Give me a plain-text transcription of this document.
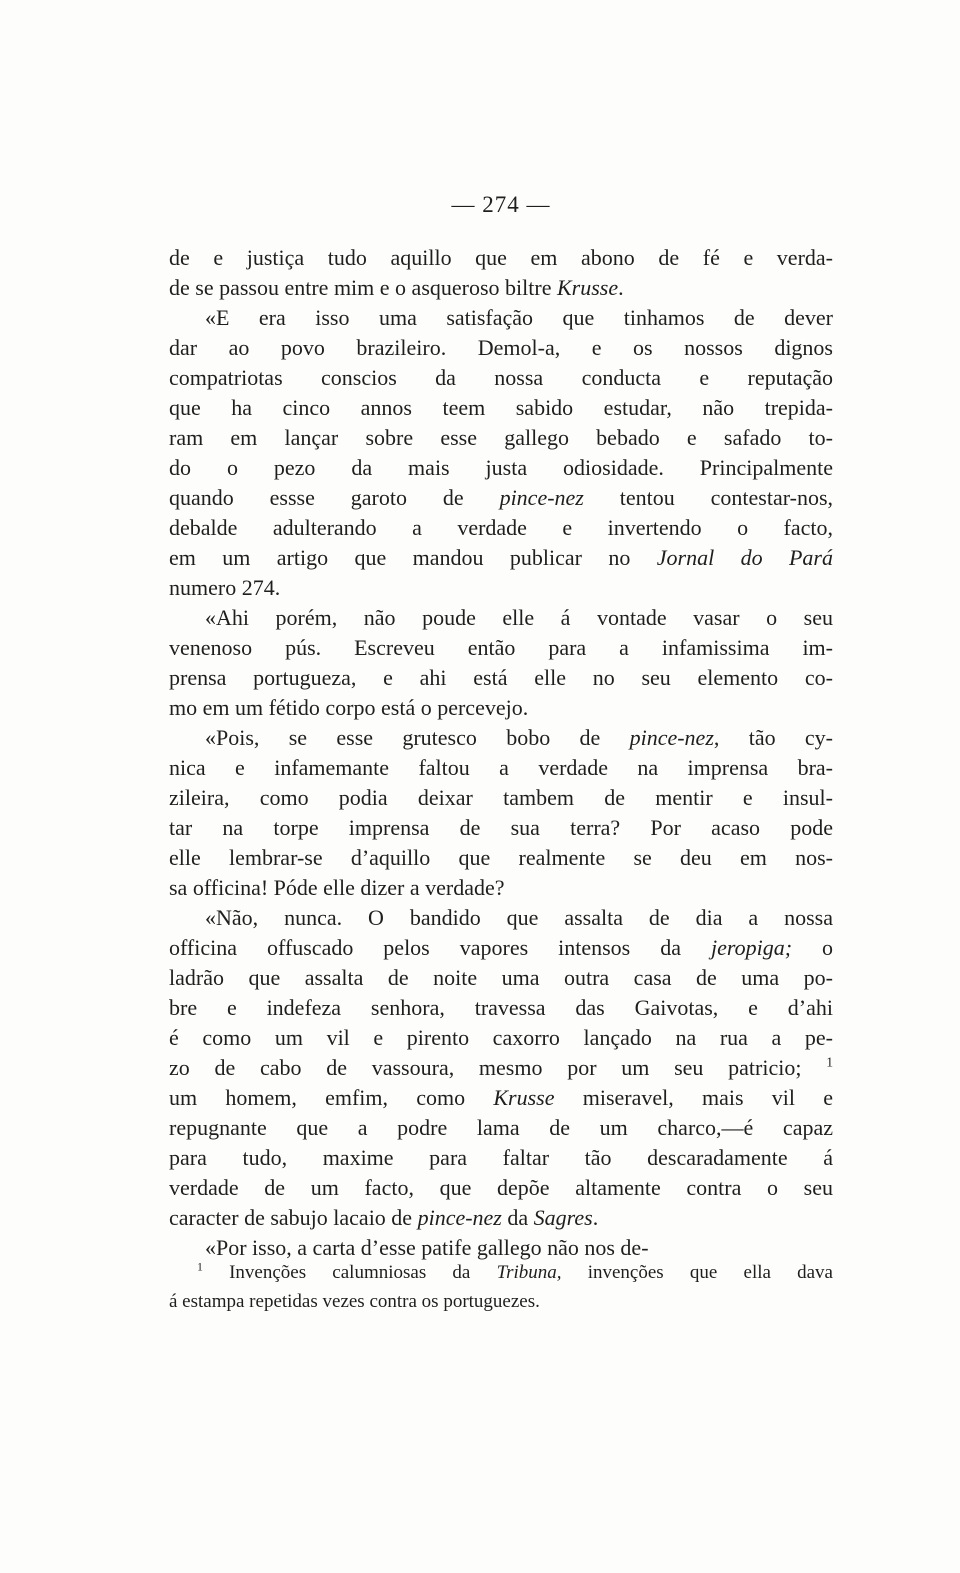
— 274 —
de e justiça tudo aquillo que em abono de fé e verda-
de se passou entre mim e o asqueroso biltre Krusse.
«E era isso uma satisfação que tinhamos de dever
dar ao povo brazileiro. Demol-a, e os nossos dignos
compatriotas conscios da nossa conducta e reputação
que ha cinco annos teem sabido estudar, não trepida-
ram em lançar sobre esse gallego bebado e safado to-
do o pezo da mais justa odiosidade. Principalmente
quando essse garoto de pince-nez tentou contestar-nos,
debalde adulterando a verdade e invertendo o facto,
em um artigo que mandou publicar no Jornal do Pará
numero 274.
«Ahi porém, não poude elle á vontade vasar o seu
venenoso pús. Escreveu então para a infamissima im-
prensa portugueza, e ahi está elle no seu elemento co-
mo em um fétido corpo está o percevejo.
«Pois, se esse grutesco bobo de pince-nez, tão cy-
nica e infamemante faltou a verdade na imprensa bra-
zileira, como podia deixar tambem de mentir e insul-
tar na torpe imprensa de sua terra? Por acaso pode
elle lembrar-se d’aquillo que realmente se deu em nos-
sa officina! Póde elle dizer a verdade?
«Não, nunca. O bandido que assalta de dia a nossa
officina offuscado pelos vapores intensos da jeropiga; o
ladrão que assalta de noite uma outra casa de uma po-
bre e indefeza senhora, travessa das Gaivotas, e d’ahi
é como um vil e pirento caxorro lançado na rua a pe-
zo de cabo de vassoura, mesmo por um seu patricio; $^1$
um homem, emfim, como Krusse miseravel, mais vil e
repugnante que a podre lama de um charco,—é capaz
para tudo, maxime para faltar tão descaradamente á
verdade de um facto, que depõe altamente contra o seu
caracter de sabujo lacaio de pince-nez da Sagres.
«Por isso, a carta d’esse patife gallego não nos de-
$^1$ Invenções calumniosas da Tribuna, invenções que ella dava
á estampa repetidas vezes contra os portuguezes.
